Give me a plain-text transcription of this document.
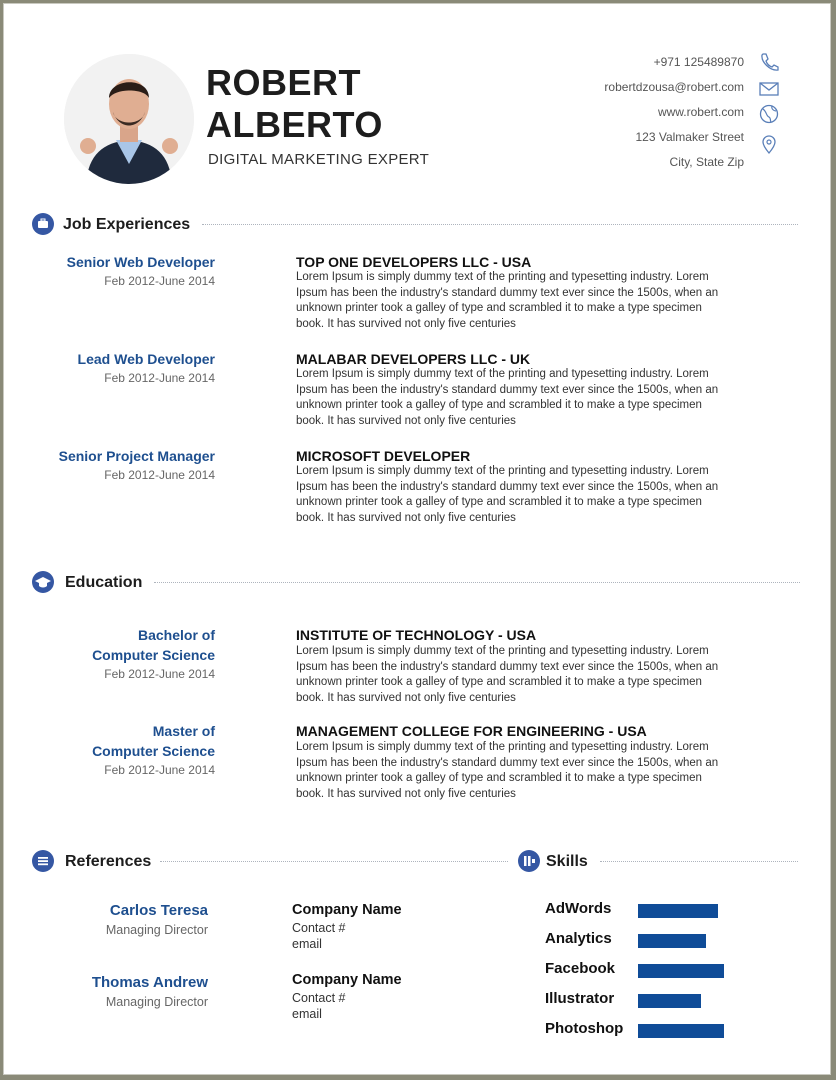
ROBERT
ALBERTO
DIGITAL MARKETING EXPERT
+971 125489870
robertdzousa@robert.com
www.robert.com
123 Valmaker Street
City, State Zip
Job Experiences
Senior Web Developer
Feb 2012-June 2014
TOP ONE DEVELOPERS LLC - USA
Lorem Ipsum is simply dummy text of the printing and typesetting industry. Lorem Ipsum has been the industry's standard dummy text ever since the 1500s, when an unknown printer took a galley of type and scrambled it to make a type specimen book. It has survived not only five centuries
Lead Web Developer
Feb 2012-June 2014
MALABAR DEVELOPERS LLC - UK
Lorem Ipsum is simply dummy text of the printing and typesetting industry. Lorem Ipsum has been the industry's standard dummy text ever since the 1500s, when an unknown printer took a galley of type and scrambled it to make a type specimen book. It has survived not only five centuries
Senior Project Manager
Feb 2012-June 2014
MICROSOFT DEVELOPER
Lorem Ipsum is simply dummy text of the printing and typesetting industry. Lorem Ipsum has been the industry's standard dummy text ever since the 1500s, when an unknown printer took a galley of type and scrambled it to make a type specimen book. It has survived not only five centuries
Education
Bachelor of
Computer Science
Feb 2012-June 2014
INSTITUTE OF TECHNOLOGY - USA
Lorem Ipsum is simply dummy text of the printing and typesetting industry. Lorem Ipsum has been the industry's standard dummy text ever since the 1500s, when an unknown printer took a galley of type and scrambled it to make a type specimen book. It has survived not only five centuries
Master of
Computer Science
Feb 2012-June 2014
MANAGEMENT COLLEGE FOR ENGINEERING - USA
Lorem Ipsum is simply dummy text of the printing and typesetting industry. Lorem Ipsum has been the industry's standard dummy text ever since the 1500s, when an unknown printer took a galley of type and scrambled it to make a type specimen book. It has survived not only five centuries
References
Carlos Teresa
Managing Director
Company Name
Contact #
email
Thomas Andrew
Managing Director
Company Name
Contact #
email
Skills
AdWords
Analytics
Facebook
Illustrator
Photoshop
